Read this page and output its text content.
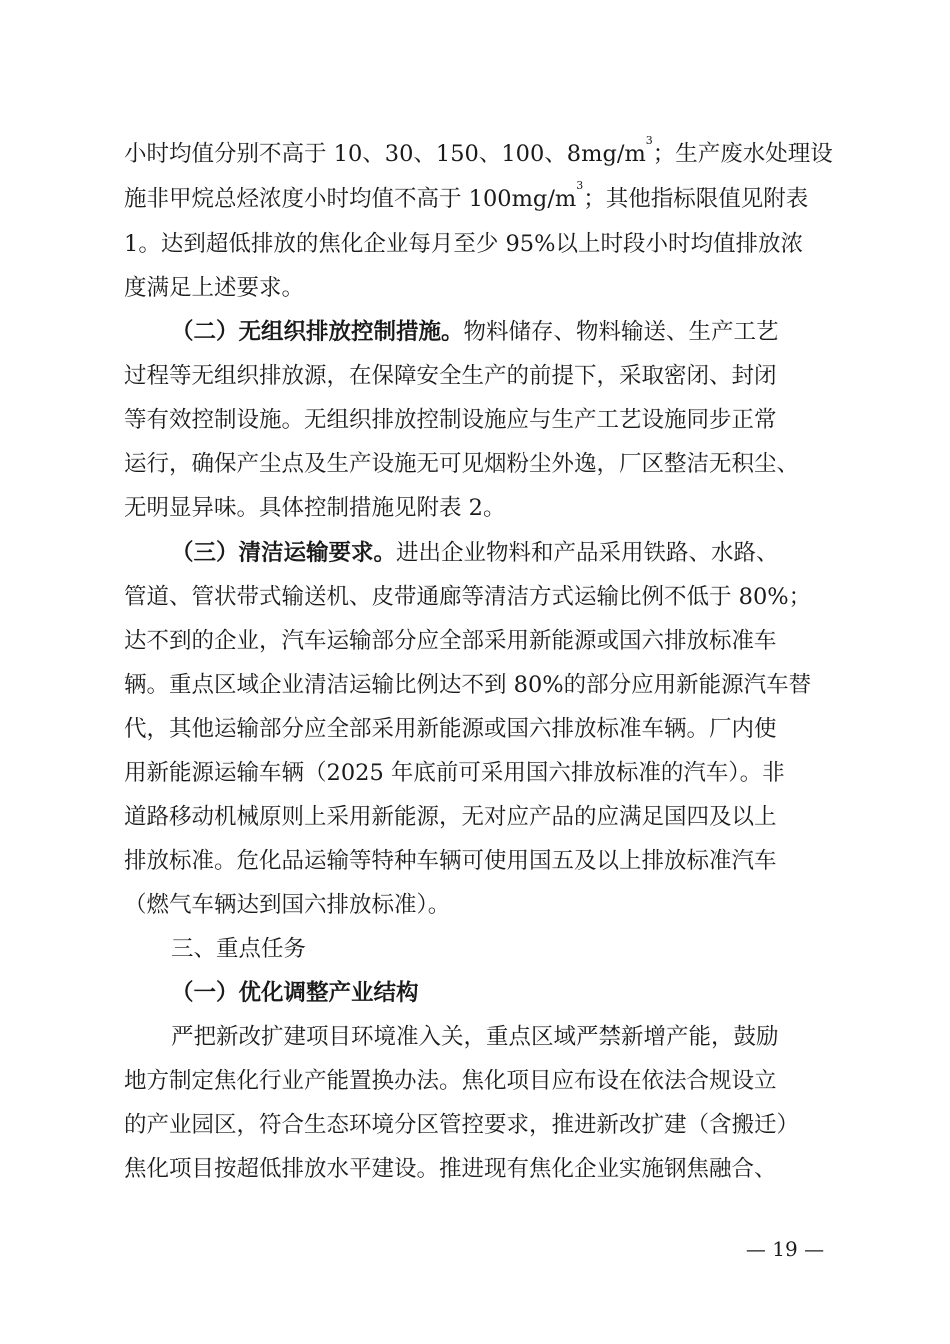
小时均值分别不高于 10、30、150、100、$8mg/m^3$；生产废水处理设
施非甲烷总烃浓度小时均值不高于 $100mg/m^3$；其他指标限值见附表
1。达到超低排放的焦化企业每月至少 95%以上时段小时均值排放浓
度满足上述要求。
（二）无组织排放控制措施。物料储存、物料输送、生产工艺
过程等无组织排放源，在保障安全生产的前提下，采取密闭、封闭
等有效控制设施。无组织排放控制设施应与生产工艺设施同步正常
运行，确保产尘点及生产设施无可见烟粉尘外逸，厂区整洁无积尘、
无明显异味。具体控制措施见附表 2。
（三）清洁运输要求。进出企业物料和产品采用铁路、水路、
管道、管状带式输送机、皮带通廊等清洁方式运输比例不低于 80%；
达不到的企业，汽车运输部分应全部采用新能源或国六排放标准车
辆。重点区域企业清洁运输比例达不到 80%的部分应用新能源汽车替
代，其他运输部分应全部采用新能源或国六排放标准车辆。厂内使
用新能源运输车辆（2025 年底前可采用国六排放标准的汽车）。非
道路移动机械原则上采用新能源，无对应产品的应满足国四及以上
排放标准。危化品运输等特种车辆可使用国五及以上排放标准汽车
（燃气车辆达到国六排放标准）。
三、重点任务
（一）优化调整产业结构
严把新改扩建项目环境准入关，重点区域严禁新增产能，鼓励
地方制定焦化行业产能置换办法。焦化项目应布设在依法合规设立
的产业园区，符合生态环境分区管控要求，推进新改扩建（含搬迁）
焦化项目按超低排放水平建设。推进现有焦化企业实施钢焦融合、
— 19 —
